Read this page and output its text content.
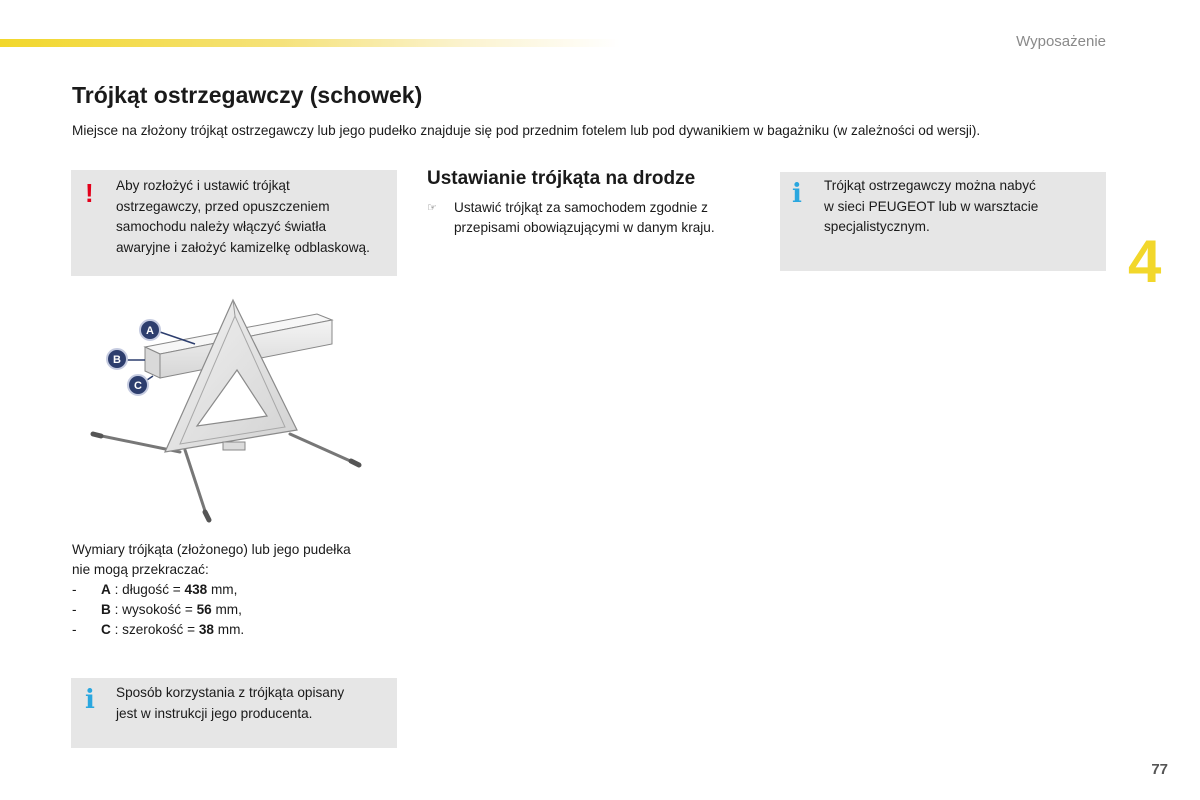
Wyposażenie
Trójkąt ostrzegawczy (schowek)
Miejsce na złożony trójkąt ostrzegawczy lub jego pudełko znajduje się pod przednim fotelem lub pod dywanikiem w bagażniku (w zależności od wersji).
! Aby rozłożyć i ustawić trójkąt
ostrzegawczy, przed opuszczeniem
samochodu należy włączyć światła
awaryjne i założyć kamizelkę odblaskową.
A
B
C
Wymiary trójkąta (złożonego) lub jego pudełka
nie mogą przekraczać:
- A : długość = 438 mm,
- B : wysokość = 56 mm,
- C : szerokość = 38 mm.
i Sposób korzystania z trójkąta opisany
jest w instrukcji jego producenta.
Ustawianie trójkąta na drodze
☞ Ustawić trójkąt za samochodem zgodnie z
przepisami obowiązującymi w danym kraju.
i Trójkąt ostrzegawczy można nabyć
w sieci PEUGEOT lub w warsztacie
specjalistycznym.
4
77
